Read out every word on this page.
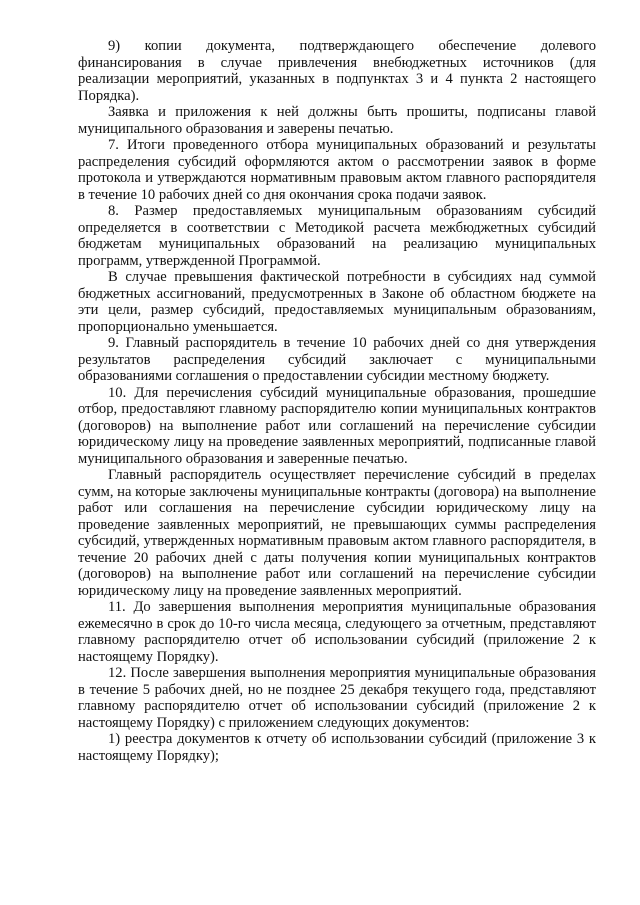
9) копии документа, подтверждающего обеспечение долевого финансирования в случае привлечения внебюджетных источников (для реализации мероприятий, указанных в подпунктах 3 и 4 пункта 2 настоящего Порядка).

Заявка и приложения к ней должны быть прошиты, подписаны главой муниципального образования и заверены печатью.

7. Итоги проведенного отбора муниципальных образований и результаты распределения субсидий оформляются актом о рассмотрении заявок в форме протокола и утверждаются нормативным правовым актом главного распорядителя в течение 10 рабочих дней со дня окончания срока подачи заявок.

8. Размер предоставляемых муниципальным образованиям субсидий определяется в соответствии с Методикой расчета межбюджетных субсидий бюджетам муниципальных образований на реализацию муниципальных программ, утвержденной Программой.

В случае превышения фактической потребности в субсидиях над суммой бюджетных ассигнований, предусмотренных в Законе об областном бюджете на эти цели, размер субсидий, предоставляемых муниципальным образованиям, пропорционально уменьшается.

9. Главный распорядитель в течение 10 рабочих дней со дня утверждения результатов распределения субсидий заключает с муниципальными образованиями соглашения о предоставлении субсидии местному бюджету.

10. Для перечисления субсидий муниципальные образования, прошедшие отбор, предоставляют главному распорядителю копии муниципальных контрактов (договоров) на выполнение работ или соглашений на перечисление субсидии юридическому лицу на проведение заявленных мероприятий, подписанные главой муниципального образования и заверенные печатью.

Главный распорядитель осуществляет перечисление субсидий в пределах сумм, на которые заключены муниципальные контракты (договора) на выполнение работ или соглашения на перечисление субсидии юридическому лицу на проведение заявленных мероприятий, не превышающих суммы распределения субсидий, утвержденных нормативным правовым актом главного распорядителя, в течение 20 рабочих дней с даты получения копии муниципальных контрактов (договоров) на выполнение работ или соглашений на перечисление субсидии юридическому лицу на проведение заявленных мероприятий.

11. До завершения выполнения мероприятия муниципальные образования ежемесячно в срок до 10-го числа месяца, следующего за отчетным, представляют главному распорядителю отчет об использовании субсидий (приложение 2 к настоящему Порядку).

12. После завершения выполнения мероприятия муниципальные образования в течение 5 рабочих дней, но не позднее 25 декабря текущего года, представляют главному распорядителю отчет об использовании субсидий (приложение 2 к настоящему Порядку) с приложением следующих документов:

1) реестра документов к отчету об использовании субсидий (приложение 3 к настоящему Порядку);
